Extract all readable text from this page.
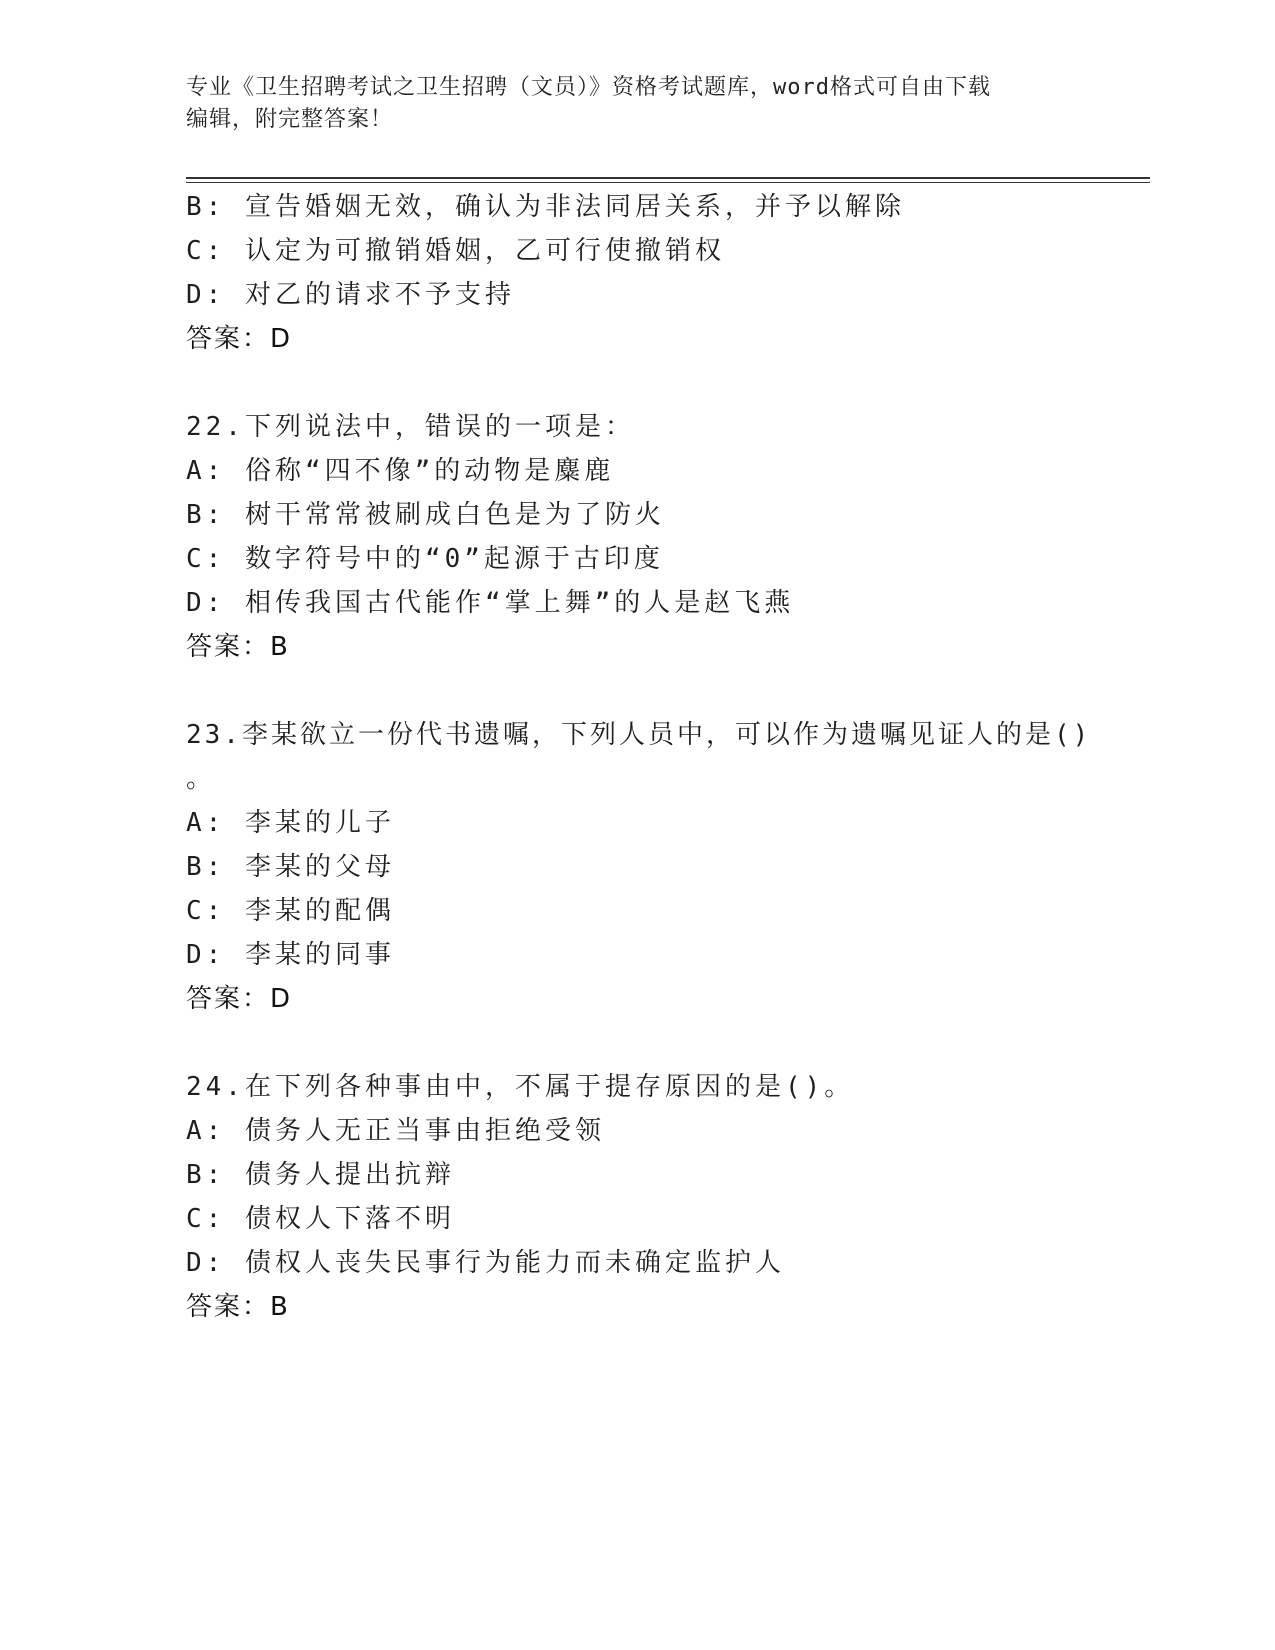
专业《卫生招聘考试之卫生招聘（文员）》资格考试题库，word格式可自由下载
编辑，附完整答案！
B: 宣告婚姻无效，确认为非法同居关系，并予以解除
C: 认定为可撤销婚姻，乙可行使撤销权
D: 对乙的请求不予支持
答案：D
22.下列说法中，错误的一项是：
A: 俗称“四不像”的动物是麋鹿
B: 树干常常被刷成白色是为了防火
C: 数字符号中的“0”起源于古印度
D: 相传我国古代能作“掌上舞”的人是赵飞燕
答案：B
23.李某欲立一份代书遗嘱，下列人员中，可以作为遗嘱见证人的是()
。
A: 李某的儿子
B: 李某的父母
C: 李某的配偶
D: 李某的同事
答案：D
24.在下列各种事由中，不属于提存原因的是()。
A: 债务人无正当事由拒绝受领
B: 债务人提出抗辩
C: 债权人下落不明
D: 债权人丧失民事行为能力而未确定监护人
答案：B
